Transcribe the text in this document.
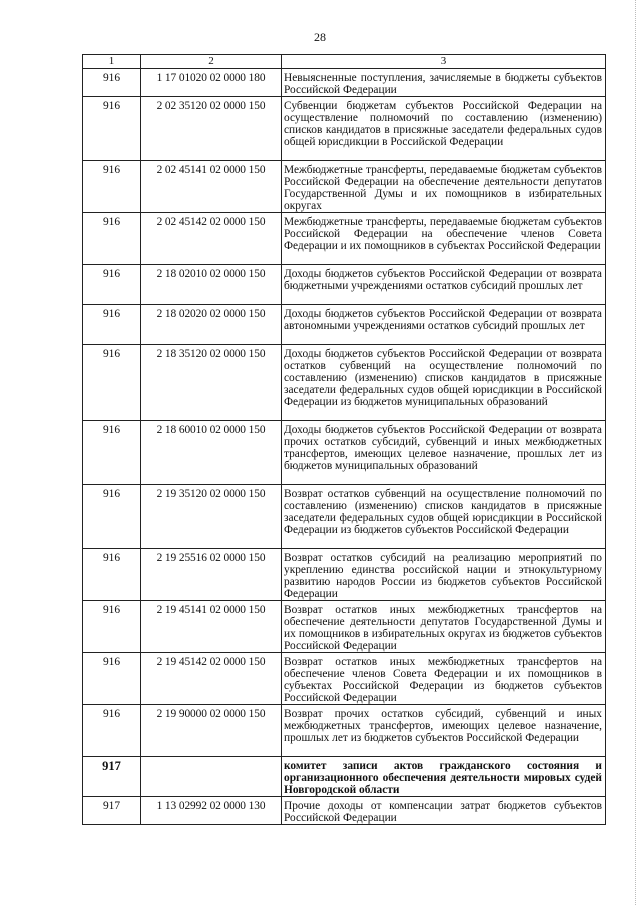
28
1	2	3
916	1 17 01020 02 0000 180	Невыясненные поступления, зачисляемые в бюджеты субъектов Российской Федерации

916	2 02 35120 02 0000 150	Субвенции бюджетам субъектов Российской Федерации на осуществление полномочий по составлению (изменению) списков кандидатов в присяжные заседатели федеральных судов общей юрисдикции в Российской Федерации

916	2 02 45141 02 0000 150	Межбюджетные трансферты, передаваемые бюджетам субъектов Российской Федерации на обеспечение деятельности депутатов Государственной Думы и их помощников в избирательных округах

916	2 02 45142 02 0000 150	Межбюджетные трансферты, передаваемые бюджетам субъектов Российской Федерации на обеспечение членов Совета Федерации и их помощников в субъектах Российской Федерации

916	2 18 02010 02 0000 150	Доходы бюджетов субъектов Российской Федерации от возврата бюджетными учреждениями остатков субсидий прошлых лет

916	2 18 02020 02 0000 150	Доходы бюджетов субъектов Российской Федерации от возврата автономными учреждениями остатков субсидий прошлых лет

916	2 18 35120 02 0000 150	Доходы бюджетов субъектов Российской Федерации от возврата остатков субвенций на осуществление полномочий по составлению (изменению) списков кандидатов в присяжные заседатели федеральных судов общей юрисдикции в Российской Федерации из бюджетов муниципальных образований

916	2 18 60010 02 0000 150	Доходы бюджетов субъектов Российской Федерации от возврата прочих остатков субсидий, субвенций и иных межбюджетных трансфертов, имеющих целевое назначение, прошлых лет из бюджетов муниципальных образований

916	2 19 35120 02 0000 150	Возврат остатков субвенций на осуществление полномочий по составлению (изменению) списков кандидатов в присяжные заседатели федеральных судов общей юрисдикции в Российской Федерации из бюджетов субъектов Российской Федерации

916	2 19 25516 02 0000 150	Возврат остатков субсидий на реализацию мероприятий по укреплению единства российской нации и этнокультурному развитию народов России из бюджетов субъектов Российской Федерации

916	2 19 45141 02 0000 150	Возврат остатков иных межбюджетных трансфертов на обеспечение деятельности депутатов Государственной Думы и их помощников в избирательных округах из бюджетов субъектов Российской Федерации

916	2 19 45142 02 0000 150	Возврат остатков иных межбюджетных трансфертов на обеспечение членов Совета Федерации и их помощников в субъектах Российской Федерации из бюджетов субъектов Российской Федерации

916	2 19 90000 02 0000 150	Возврат прочих остатков субсидий, субвенций и иных межбюджетных трансфертов, имеющих целевое назначение, прошлых лет из бюджетов субъектов Российской Федерации

917		комитет записи актов гражданского состояния и организационного обеспечения деятельности мировых судей Новгородской области

917	1 13 02992 02 0000 130	Прочие доходы от компенсации затрат бюджетов субъектов Российской Федерации
